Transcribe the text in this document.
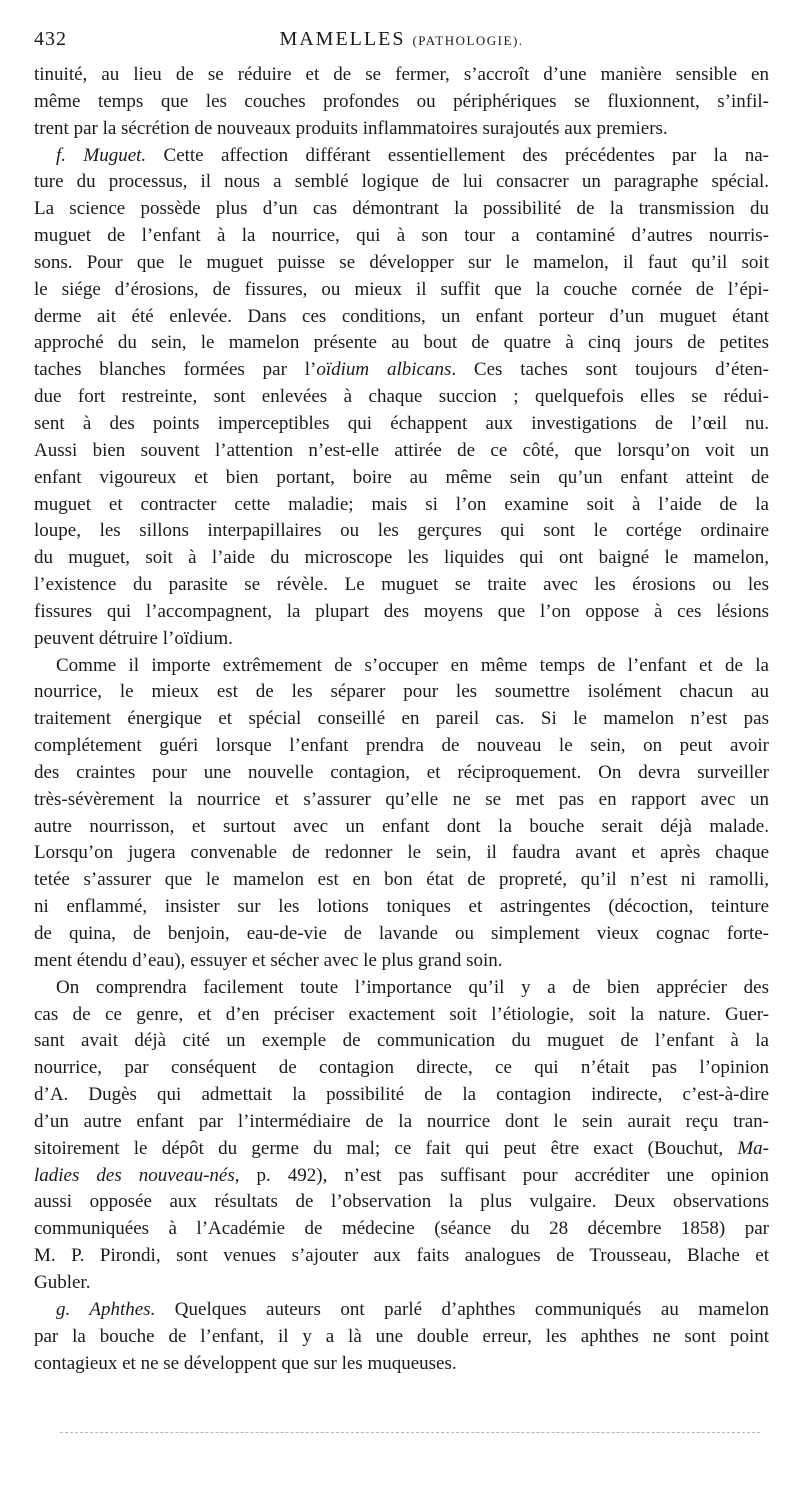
432	MAMELLES (PATHOLOGIE).
tinuité, au lieu de se réduire et de se fermer, s’accroît d’une manière sensible en
même temps que les couches profondes ou périphériques se fluxionnent, s’infil-
trent par la sécrétion de nouveaux produits inflammatoires surajoutés aux premiers.
f. Muguet. Cette affection différant essentiellement des précédentes par la na-
ture du processus, il nous a semblé logique de lui consacrer un paragraphe spécial.
La science possède plus d’un cas démontrant la possibilité de la transmission du
muguet de l’enfant à la nourrice, qui à son tour a contaminé d’autres nourris-
sons. Pour que le muguet puisse se développer sur le mamelon, il faut qu’il soit
le siége d’érosions, de fissures, ou mieux il suffit que la couche cornée de l’épi-
derme ait été enlevée. Dans ces conditions, un enfant porteur d’un muguet étant
approché du sein, le mamelon présente au bout de quatre à cinq jours de petites
taches blanches formées par l’oïdium albicans. Ces taches sont toujours d’éten-
due fort restreinte, sont enlevées à chaque succion ; quelquefois elles se rédui-
sent à des points imperceptibles qui échappent aux investigations de l’œil nu.
Aussi bien souvent l’attention n’est-elle attirée de ce côté, que lorsqu’on voit un
enfant vigoureux et bien portant, boire au même sein qu’un enfant atteint de
muguet et contracter cette maladie; mais si l’on examine soit à l’aide de la
loupe, les sillons interpapillaires ou les gerçures qui sont le cortége ordinaire
du muguet, soit à l’aide du microscope les liquides qui ont baigné le mamelon,
l’existence du parasite se révèle. Le muguet se traite avec les érosions ou les
fissures qui l’accompagnent, la plupart des moyens que l’on oppose à ces lésions
peuvent détruire l’oïdium.
Comme il importe extrêmement de s’occuper en même temps de l’enfant et de la
nourrice, le mieux est de les séparer pour les soumettre isolément chacun au
traitement énergique et spécial conseillé en pareil cas. Si le mamelon n’est pas
complétement guéri lorsque l’enfant prendra de nouveau le sein, on peut avoir
des craintes pour une nouvelle contagion, et réciproquement. On devra surveiller
très-sévèrement la nourrice et s’assurer qu’elle ne se met pas en rapport avec un
autre nourrisson, et surtout avec un enfant dont la bouche serait déjà malade.
Lorsqu’on jugera convenable de redonner le sein, il faudra avant et après chaque
tetée s’assurer que le mamelon est en bon état de propreté, qu’il n’est ni ramolli,
ni enflammé, insister sur les lotions toniques et astringentes (décoction, teinture
de quina, de benjoin, eau-de-vie de lavande ou simplement vieux cognac forte-
ment étendu d’eau), essuyer et sécher avec le plus grand soin.
On comprendra facilement toute l’importance qu’il y a de bien apprécier des
cas de ce genre, et d’en préciser exactement soit l’étiologie, soit la nature. Guer-
sant avait déjà cité un exemple de communication du muguet de l’enfant à la
nourrice, par conséquent de contagion directe, ce qui n’était pas l’opinion
d’A. Dugès qui admettait la possibilité de la contagion indirecte, c’est-à-dire
d’un autre enfant par l’intermédiaire de la nourrice dont le sein aurait reçu tran-
sitoirement le dépôt du germe du mal; ce fait qui peut être exact (Bouchut, Ma-
ladies des nouveau-nés, p. 492), n’est pas suffisant pour accréditer une opinion
aussi opposée aux résultats de l’observation la plus vulgaire. Deux observations
communiquées à l’Académie de médecine (séance du 28 décembre 1858) par
M. P. Pirondi, sont venues s’ajouter aux faits analogues de Trousseau, Blache et
Gubler.
g. Aphthes. Quelques auteurs ont parlé d’aphthes communiqués au mamelon
par la bouche de l’enfant, il y a là une double erreur, les aphthes ne sont point
contagieux et ne se développent que sur les muqueuses.
